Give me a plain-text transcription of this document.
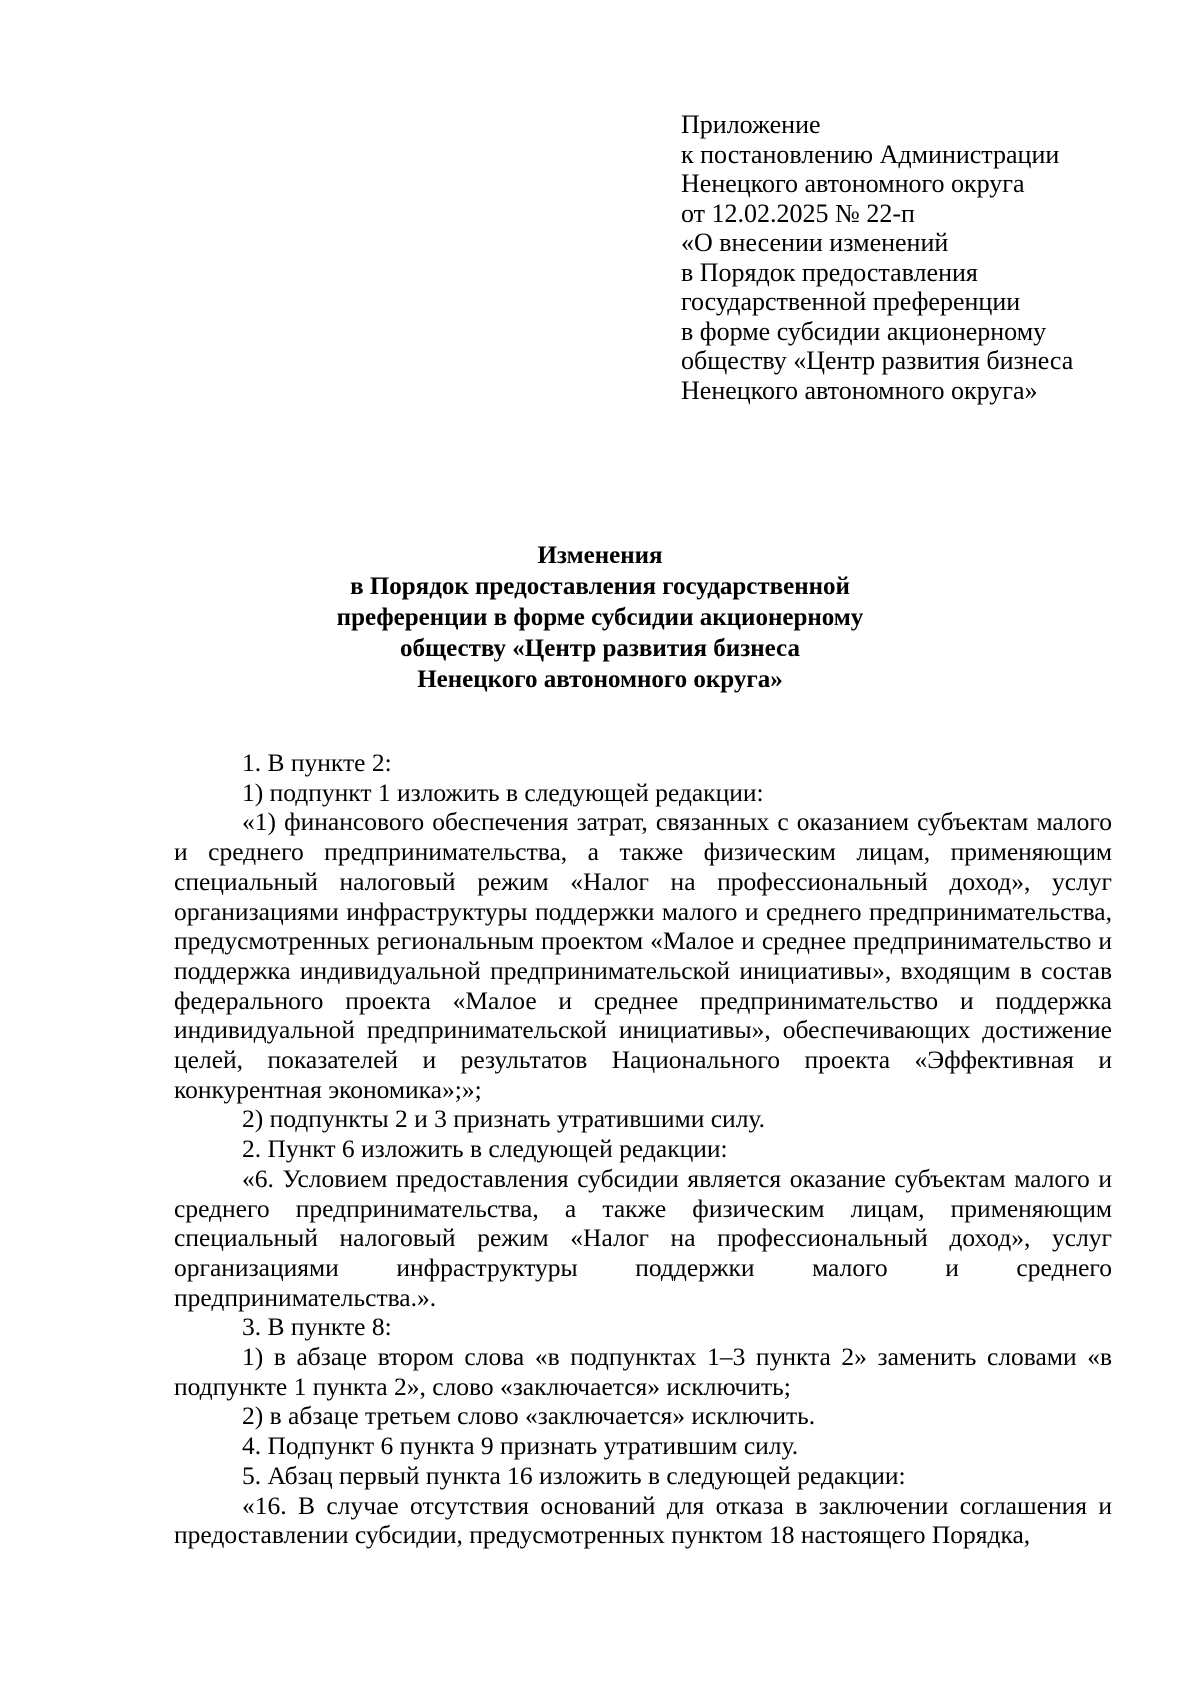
Приложение
к постановлению Администрации
Ненецкого автономного округа
от 12.02.2025 № 22-п
«О внесении изменений
в Порядок предоставления
государственной преференции
в форме субсидии акционерному
обществу «Центр развития бизнеса
Ненецкого автономного округа»
Изменения
в Порядок предоставления государственной
преференции в форме субсидии акционерному
обществу «Центр развития бизнеса
Ненецкого автономного округа»

1. В пункте 2:

1) подпункт 1 изложить в следующей редакции:

«1) финансового обеспечения затрат, связанных с оказанием субъектам малого и среднего предпринимательства, а также физическим лицам, применяющим специальный налоговый режим «Налог на профессиональный доход», услуг организациями инфраструктуры поддержки малого и среднего предпринимательства, предусмотренных региональным проектом «Малое и среднее предпринимательство и поддержка индивидуальной предпринимательской инициативы», входящим в состав федерального проекта «Малое и среднее предпринимательство и поддержка индивидуальной предпринимательской инициативы», обеспечивающих достижение целей, показателей и результатов Национального проекта «Эффективная и конкурентная экономика»;»;

2) подпункты 2 и 3 признать утратившими силу.

2. Пункт 6 изложить в следующей редакции:

«6. Условием предоставления субсидии является оказание субъектам малого и среднего предпринимательства, а также физическим лицам, применяющим специальный налоговый режим «Налог на профессиональный доход», услуг организациями инфраструктуры поддержки малого и среднего предпринимательства.».

3. В пункте 8:

1) в абзаце втором слова «в подпунктах 1–3 пункта 2» заменить словами «в подпункте 1 пункта 2», слово «заключается» исключить;

2) в абзаце третьем слово «заключается» исключить.

4. Подпункт 6 пункта 9 признать утратившим силу.

5. Абзац первый пункта 16 изложить в следующей редакции:

«16. В случае отсутствия оснований для отказа в заключении соглашения и предоставлении субсидии, предусмотренных пунктом 18 настоящего Порядка,
